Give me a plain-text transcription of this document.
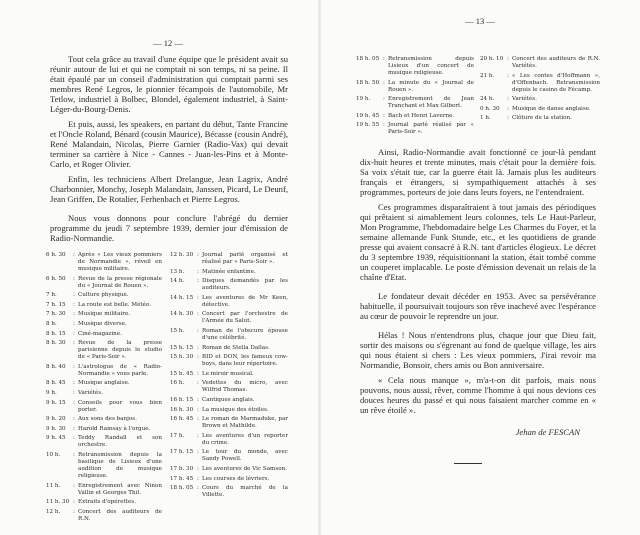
— 12 —

Tout cela grâce au travail d'une équipe que le président avait su réunir autour de lui et qui ne comptait ni son temps, ni sa peine. Il était épaulé par un conseil d'administration qui comptait parmi ses membres René Legros, le pionnier fécampois de l'automobile, Mr Tetlow, industriel à Bolbec, Blondel, également industriel, à Saint-Léger-du-Bourg-Denis.

Et puis, aussi, les speakers, en partant du début, Tante Francine et l'Oncle Roland, Bénard (cousin Maurice), Bécasse (cousin André), René Malandain, Nicolas, Pierre Garnier (Radio-Vax) qui devait terminer sa carrière à Nice - Cannes - Juan-les-Pins et à Monte-Carlo, et Roger Olivier.

Enfin, les techniciens Albert Drelangue, Jean Lagrix, André Charbonnier, Monchy, Joseph Malandain, Janssen, Picard, Le Deunf, Jean Griffen, De Rotalier, Ferhenbach et Pierre Legros.

Nous vous donnons pour conclure l'abrégé du dernier programme du jeudi 7 septembre 1939, dernier jour d'émission de Radio-Normandie.

6 h. 30	: Après « Les vieux pommiers de Normandie », réveil en musique militaire.
6 h. 50	: Revue de la presse régionale du « Journal de Rouen ».
7 h.	: Culture physique.
7 h. 15	: La route est belle. Météo.
7 h. 30	: Musique militaire.
8 h.	: Musique diverse.
8 h. 15	: Ciné-magazine.
8 h. 30	: Revue de la presse parisienne depuis le studio de « Paris-Soir ».
8 h. 40	: L'astrologue de « Radio-Normandie » vous parle.
8 h. 45	: Musique anglaise.
9 h.	: Variétés.
9 h. 15	: Conseils pour vous bien porter.
9 h. 20	: Aux sons des banjos.
9 h. 30	: Harold Ramsay à l'orgue.
9 h. 45	: Teddy Randall et son orchestre.
10 h.	: Retransmission depuis la basilique de Lisieux d'une audition de musique religieuse.
11 h.	: Enregistrement avec Ninon Vallin et Georges Thil.
11 h. 30 : Extraits d'opérettes.
12 h.	: Concert des auditeurs de R.N.
12 h. 30 : Journal parlé organisé et réalisé par « Paris-Soir ».
13 h.	: Matinée enfantine.
14 h.	: Disques demandés par les auditeurs.
14 h. 15 : Les aventures de Mr Keen, détective.
14 h. 30 : Concert par l'orchestre de l'Armée du Salut.
15 h.	: Roman de l'obscure épouse d'une célébrité.
15 h. 15 : Roman de Stella Dallas.
15 h. 30 : BID et DON, les fameux cow-boys, dans leur répertoire.
15 h. 45 : Le miroir musical.
16 h.	: Vedettes du micro, avec Wilfrid Thomas.
16 h. 15 : Cantiques anglais.
16 h. 30 : La musique des étoiles.
16 h. 45 : Le roman de Marmaduke, par Brown et Mathilde.
17 h.	: Les aventures d'un reporter du crime.
17 h. 15 : Le tour du monde, avec Sandy Powell.
17 h. 30 : Les aventures de Vic Samson.
17 h. 45 : Les courses de lévriers.
18 h. 05 : Cours du marché de la Villette.
— 13 —
18 h. 05 : Retransmission depuis Lisieux d'un concert de musique religieuse.
18 h. 50 : La minute du « Journal de Rouen ».
19 h.	: Enregistrement de Jean Tranchant et Max Gilbert.
19 h. 45 : Bach et Henri Laverne.
19 h. 55 : Journal parlé réalisé par « Paris-Soir ».
20 h. 10 : Concert des auditeurs de R.N. Variétés.
21 h.	: « Les contes d'Hoffmann », d'Offenbach. Retransmission depuis le casino de Fécamp.
24 h.	: Variétés.
0 h. 30	: Musique de danse anglaise.
1 h.	: Clôture de la station.

Ainsi, Radio-Normandie avait fonctionné ce jour-là pendant dix-huit heures et trente minutes, mais c'était pour la dernière fois. Sa voix s'était tue, car la guerre était là. Jamais plus les auditeurs français et étrangers, si sympathiquement attachés à ses programmes, porteurs de joie dans leurs foyers, ne l'entendraient.

Ces programmes disparaîtraient à tout jamais des périodiques qui prêtaient si aimablement leurs colonnes, tels Le Haut-Parleur, Mon Programme, l'hebdomadaire belge Les Charmes du Foyer, et la semaine allemande Funk Stunde, etc., et les quotidiens de grande presse qui avaient consacré à R.N. tant d'articles élogieux. Le décret du 3 septembre 1939, réquisitionnant la station, était tombé comme un couperet implacable. Le poste d'émission devenait un relais de la chaîne d'Etat.

Le fondateur devait décéder en 1953. Avec sa persévérance habituelle, il poursuivait toujours son rêve inachevé avec l'espérance au cœur de pouvoir le reprendre un jour.

Hélas ! Nous n'entendrons plus, chaque jour que Dieu fait, sortir des maisons ou s'égrenant au fond de quelque village, les airs qui nous étaient si chers : Les vieux pommiers, J'irai revoir ma Normandie, Bonsoir, chers amis ou Bon anniversaire.

« Cela nous manque », m'a-t-on dit parfois, mais nous pouvons, nous aussi, rêver, comme l'homme à qui nous devions ces douces heures du passé et qui nous faisaient marcher comme en « un rêve étoilé ».

Jehan de FESCAN
